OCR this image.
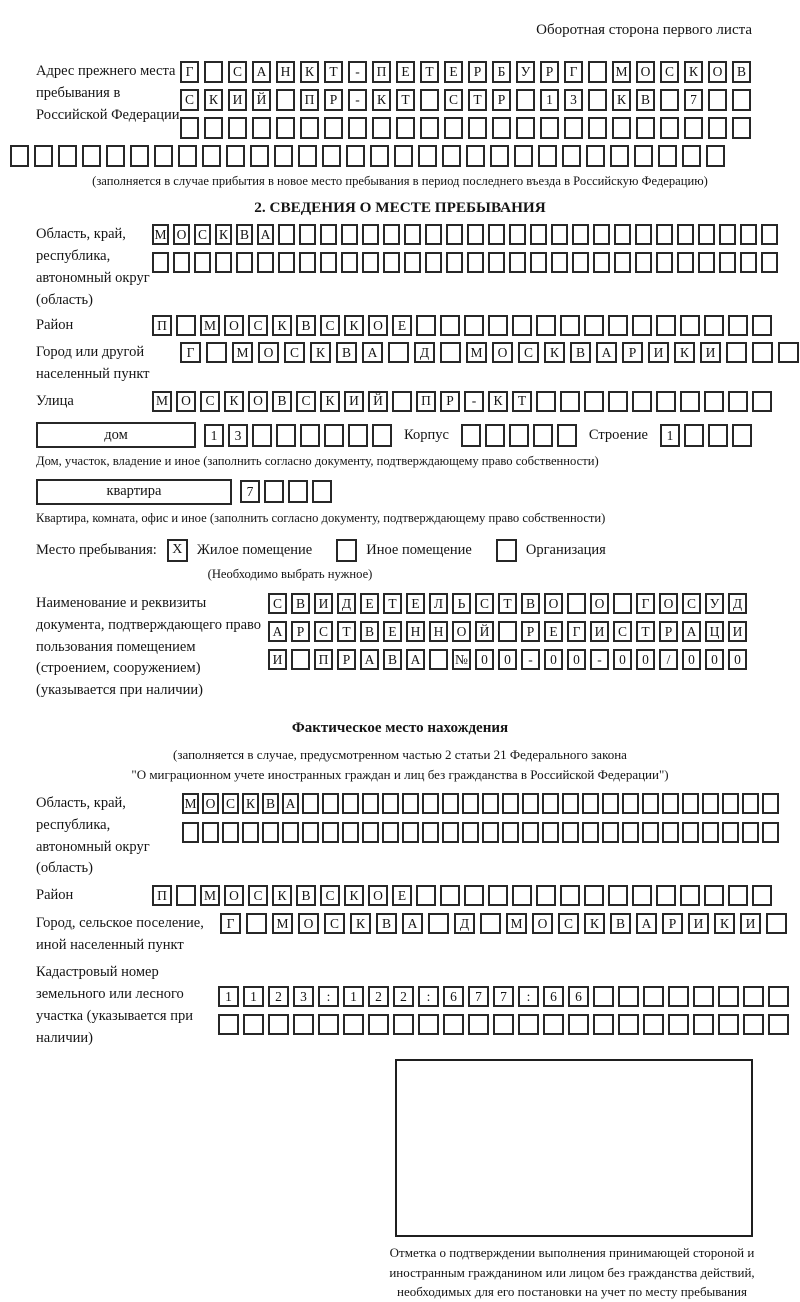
Оборотная сторона первого листа
Адрес прежнего места пребывания в Российской Федерации
Г	С	А	Н	К	Т	-	П	Е	Т	Е	Р	Б	У	Р	Г	М О	С	К	О	В
С	К	И	Й	П	Р	-	К	Т	С	Т	Р	1	3	К	В	7
(заполняется в случае прибытия в новое место пребывания в период последнего въезда в Российскую Федерацию)
2. СВЕДЕНИЯ О МЕСТЕ ПРЕБЫВАНИЯ
Область, край, республика, автономный округ (область)
М О С К В А
Район	П	М О	С	К	В	С	К	О	Е
Город или другой населенный пункт
Г	М	О	С	К	В	А	Д	М	О	С	К	В	А	Р	И	К	И
Улица	М О	С	К	О	В	С	К	И	Й	П	Р	-	К	Т
дом	1	3	Корпус	Строение	1
Дом, участок, владение и иное (заполнить согласно документу, подтверждающему право собственности)
квартира	7
Квартира, комната, офис и иное (заполнить согласно документу, подтверждающему право собственности)
Место пребывания:	X Жилое помещение	Иное помещение	Организация
(Необходимо выбрать нужное)
Наименование и реквизиты документа, подтверждающего право пользования помещением (строением, сооружением) (указывается при наличии)
С	В	И	Д	Е	Т	Е	Л	Ь	С	Т	В	О	О	Г	О	С	У	Д
А	Р	С	Т	В	Е	Н Н О Й	Р	Е	Г	И	С	Т	Р	А Ц И
И	П	Р	А	В	А	№ 0	0	-	0	0	-	0	0	/	0	0	0
Фактическое место нахождения
(заполняется в случае, предусмотренном частью 2 статьи 21 Федерального закона
"О миграционном учете иностранных граждан и лиц без гражданства в Российской Федерации")
Область, край, республика, автономный округ (область)
М О С К В А
Район	П	М О	С	К	В	С	К	О	Е
Город, сельское поселение, иной населенный пункт
Г	М	О	С	К	В	А	Д	М	О	С	К	В	А	Р	И	К	И
Кадастровый номер земельного или лесного участка (указывается при наличии)
1	1	2	3	:	1	2	2	:	6	7	7	:	6	6
Отметка о подтверждении выполнения принимающей стороной и иностранным гражданином или лицом без гражданства действий, необходимых для его постановки на учет по месту пребывания
